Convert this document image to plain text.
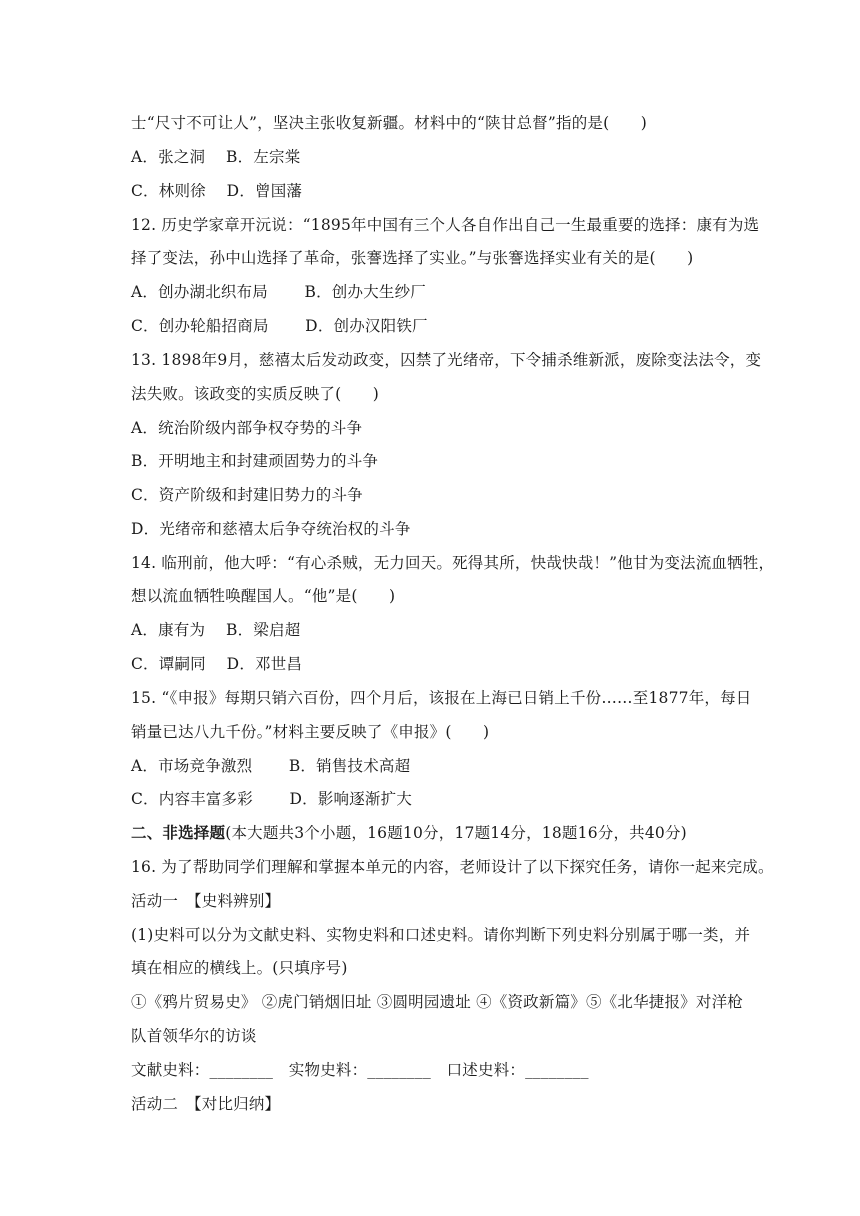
士“尺寸不可让人”，坚决主张收复新疆。材料中的“陕甘总督”指的是(　　)
A．张之洞　 B．左宗棠
C．林则徐　 D．曾国藩
12. 历史学家章开沅说：“1895年中国有三个人各自作出自己一生最重要的选择：康有为选
择了变法，孙中山选择了革命，张謇选择了实业。”与张謇选择实业有关的是(　　)
A．创办湖北织布局　　 B．创办大生纱厂
C．创办轮船招商局　　 D．创办汉阳铁厂
13. 1898年9月，慈禧太后发动政变，囚禁了光绪帝，下令捕杀维新派，废除变法法令，变
法失败。该政变的实质反映了(　　)
A．统治阶级内部争权夺势的斗争
B．开明地主和封建顽固势力的斗争
C．资产阶级和封建旧势力的斗争
D．光绪帝和慈禧太后争夺统治权的斗争
14. 临刑前，他大呼：“有心杀贼，无力回天。死得其所，快哉快哉！”他甘为变法流血牺牲，
想以流血牺牲唤醒国人。“他”是(　　)
A．康有为　 B．梁启超
C．谭嗣同　 D．邓世昌
15. “《申报》每期只销六百份，四个月后，该报在上海已日销上千份……至1877年，每日
销量已达八九千份。”材料主要反映了《申报》(　　)
A．市场竞争激烈　　 B．销售技术高超
C．内容丰富多彩　　 D．影响逐渐扩大
二、非选择题(本大题共3个小题，16题10分，17题14分，18题16分，共40分)
16. 为了帮助同学们理解和掌握本单元的内容，老师设计了以下探究任务，请你一起来完成。
活动一　【史料辨别】
(1)史料可以分为文献史料、实物史料和口述史料。请你判断下列史料分别属于哪一类，并
填在相应的横线上。(只填序号)
①《鸦片贸易史》 ②虎门销烟旧址 ③圆明园遗址 ④《资政新篇》⑤《北华捷报》对洋枪
队首领华尔的访谈
文献史料：________　实物史料：________　口述史料：________
活动二　【对比归纳】
